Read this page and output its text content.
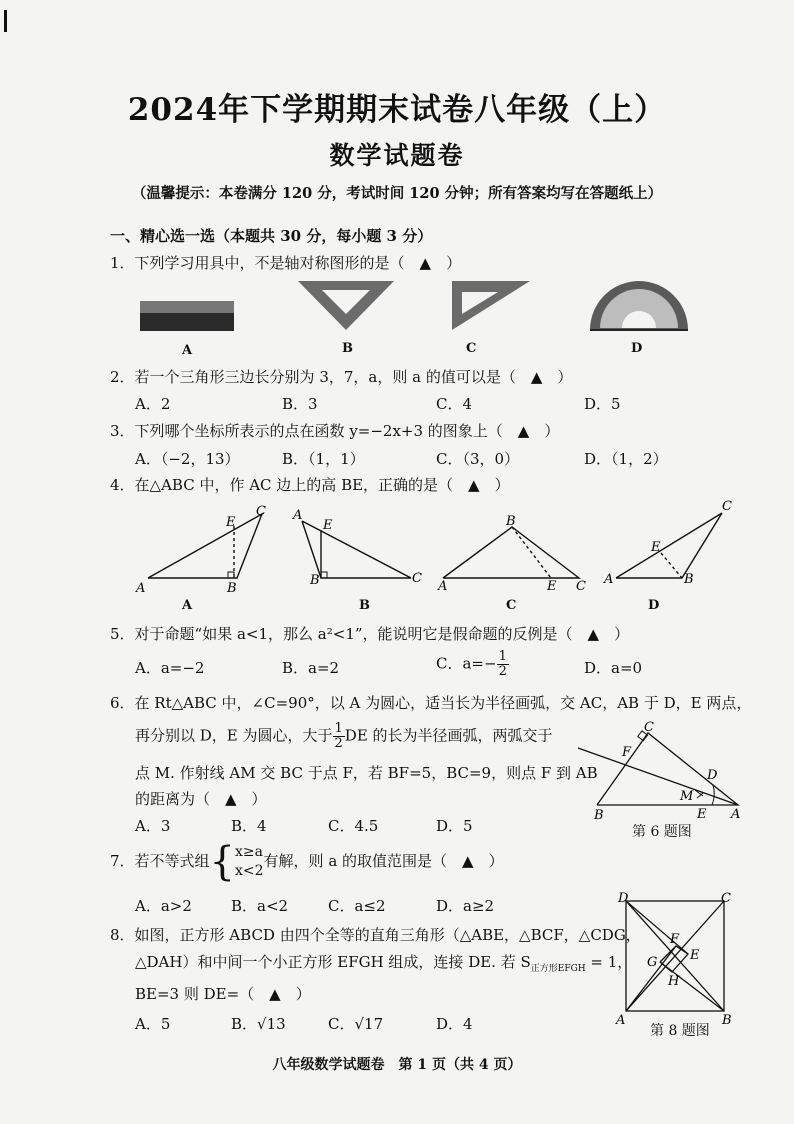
2024年下学期期末试卷八年级（上）
数学试题卷
（温馨提示：本卷满分 120 分，考试时间 120 分钟；所有答案均写在答题纸上）
一、精心选一选（本题共 30 分，每小题 3 分）
1．下列学习用具中，不是轴对称图形的是（　▲　）
A	B	C	D
2．若一个三角形三边长分别为 3，7，a，则 a 的值可以是（　▲　）
A．2	B．3	C．4	D．5
3．下列哪个坐标所表示的点在函数 y=−2x+3 的图象上（　▲　）
A．（−2，13）	B．（1，1）	C．（3，0）	D．（1，2）
4．在△ABC 中，作 AC 边上的高 BE，正确的是（　▲　）
A	B
C
E	A
B	C
E
A
B
C
E	A	B
C
E
A	B	C	D
5．对于命题“如果 a<1，那么 a²<1”，能说明它是假命题的反例是（　▲　）
A．a=−2	B．a=2	C．$a=- \frac{1}{2}$	D．a=0
6．在 Rt△ABC 中，∠C=90°，以 A 为圆心，适当长为半径画弧，交 AC，AB 于 D，E 两点，
再分别以 D，E 为圆心，大于 $\frac{1}{2}$ DE 的长为半径画弧，两弧交于
点 M. 作射线 AM 交 BC 于点 F，若 BF=5，BC=9，则点 F 到 AB
的距离为（　▲　）
A．3	B．4	C．4.5	D．5
C
F
D
M
B	E A
第 6 题图
7．若不等式组{ x≥a
x<2
有解，则 a 的取值范围是（　▲　）
A．a>2	B．a<2	C．a≤2	D．a≥2
8．如图，正方形 ABCD 由四个全等的直角三角形（△ABE，△BCF，△CDG，
△DAH）和中间一个小正方形 EFGH 组成，连接 DE. 若 $S_{正方形EFGH} = 1$，
BE=3 则 DE=（　▲　）
A．5	B．√13	C．√17	D．4
D	C
F
G	E
H
A	B
第 8 题图
八年级数学试题卷　第 1 页（共 4 页）
